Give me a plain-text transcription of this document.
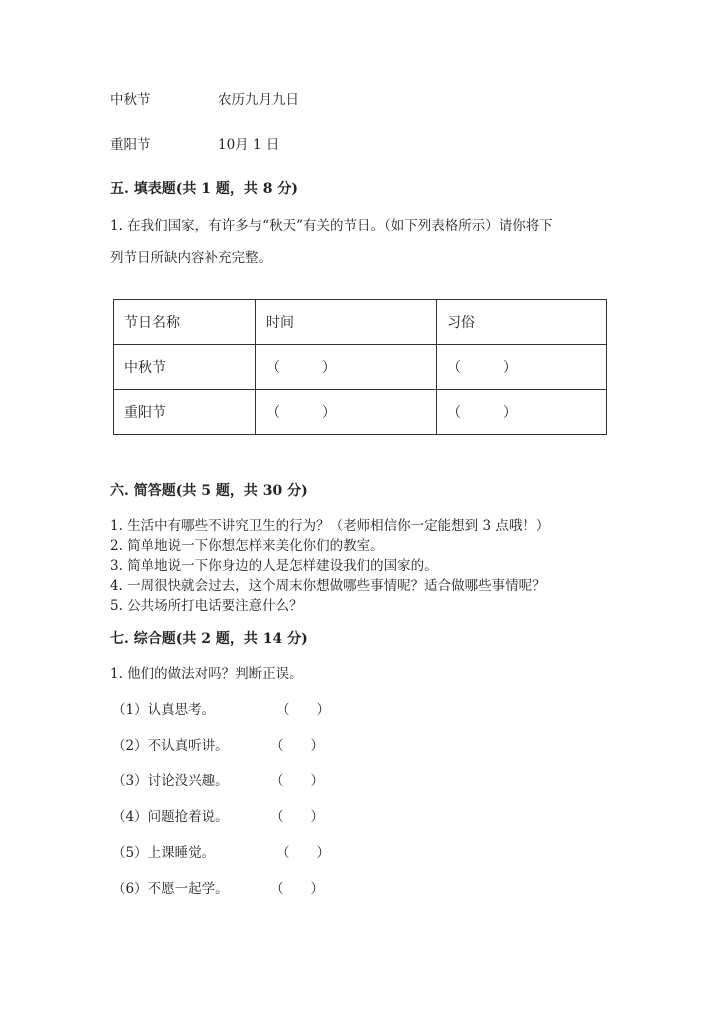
中秋节	农历九月九日
重阳节	10月 1 日
五. 填表题(共 1 题，共 8 分)
1. 在我们国家，有许多与“秋天”有关的节日。（如下列表格所示）请你将下
列节日所缺内容补充完整。
节日名称	时间	习俗
中秋节	（　　　）	（　　　）
重阳节	（　　　）	（　　　）
六. 简答题(共 5 题，共 30 分)
1. 生活中有哪些不讲究卫生的行为？（老师相信你一定能想到 3 点哦！）
2. 简单地说一下你想怎样来美化你们的教室。
3. 简单地说一下你身边的人是怎样建设我们的国家的。
4. 一周很快就会过去，这个周末你想做哪些事情呢？适合做哪些事情呢？
5. 公共场所打电话要注意什么？
七. 综合题(共 2 题，共 14 分)
1. 他们的做法对吗？判断正误。
（1）认真思考。	（　　）
（2）不认真听讲。	（　　）
（3）讨论没兴趣。	（　　）
（4）问题抢着说。	（　　）
（5）上课睡觉。	（　　）
（6）不愿一起学。	（　　）
